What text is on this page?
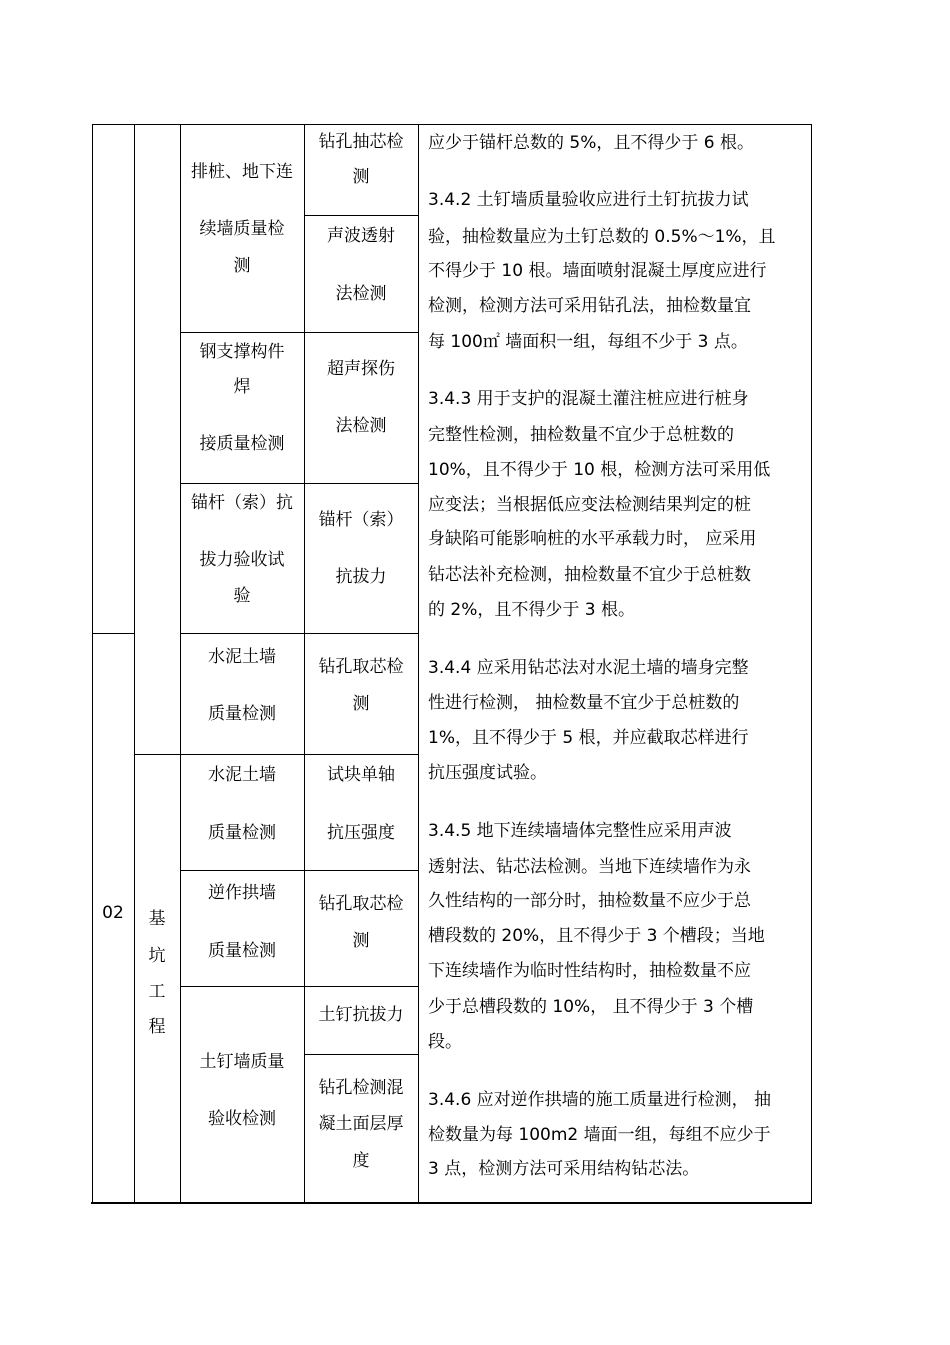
02	基
坑
工
程
排桩、地下连
续墙质量检
测
钢支撑构件
焊
接质量检测
锚杆（索）抗
拔力验收试
验
水泥土墙
质量检测
水泥土墙
质量检测
逆作拱墙
质量检测
土钉墙质量
验收检测
钻孔抽芯检
测
声波透射
法检测
超声探伤
法检测
锚杆（索）
抗拔力
钻孔取芯检
测
试块单轴
抗压强度
钻孔取芯检
测
土钉抗拔力
钻孔检测混
凝土面层厚
度
应少于锚杆总数的 5%，且不得少于 6 根。
3.4.2 土钉墙质量验收应进行土钉抗拔力试
验，抽检数量应为土钉总数的 0.5%～1%，且
不得少于 10 根。墙面喷射混凝土厚度应进行
检测，检测方法可采用钻孔法，抽检数量宜
每 100㎡ 墙面积一组，每组不少于 3 点。
3.4.3 用于支护的混凝土灌注桩应进行桩身
完整性检测，抽检数量不宜少于总桩数的
10%，且不得少于 10 根，检测方法可采用低
应变法；当根据低应变法检测结果判定的桩
身缺陷可能影响桩的水平承载力时， 应采用
钻芯法补充检测，抽检数量不宜少于总桩数
的 2%，且不得少于 3 根。
3.4.4 应采用钻芯法对水泥土墙的墙身完整
性进行检测， 抽检数量不宜少于总桩数的
1%，且不得少于 5 根，并应截取芯样进行
抗压强度试验。
3.4.5 地下连续墙墙体完整性应采用声波
透射法、钻芯法检测。当地下连续墙作为永
久性结构的一部分时，抽检数量不应少于总
槽段数的 20%，且不得少于 3 个槽段；当地
下连续墙作为临时性结构时，抽检数量不应
少于总槽段数的 10%， 且不得少于 3 个槽
段。
3.4.6 应对逆作拱墙的施工质量进行检测， 抽
检数量为每 100m2 墙面一组，每组不应少于
3 点，检测方法可采用结构钻芯法。
